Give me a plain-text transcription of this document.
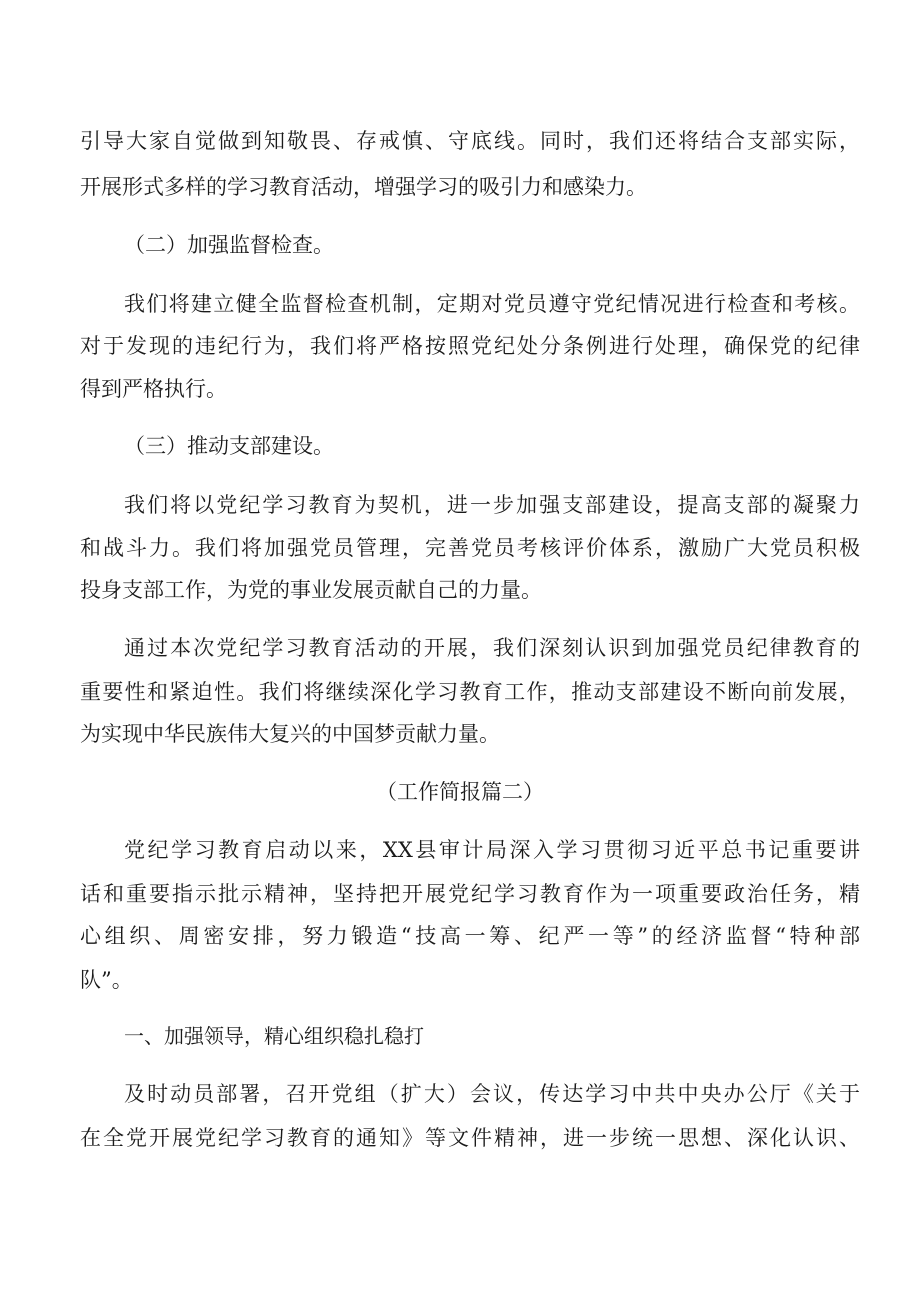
引导大家自觉做到知敬畏、存戒慎、守底线。同时，我们还将结合支部实际，
开展形式多样的学习教育活动，增强学习的吸引力和感染力。
（二）加强监督检查。
我们将建立健全监督检查机制，定期对党员遵守党纪情况进行检查和考核。
对于发现的违纪行为，我们将严格按照党纪处分条例进行处理，确保党的纪律
得到严格执行。
（三）推动支部建设。
我们将以党纪学习教育为契机，进一步加强支部建设，提高支部的凝聚力
和战斗力。我们将加强党员管理，完善党员考核评价体系，激励广大党员积极
投身支部工作，为党的事业发展贡献自己的力量。
通过本次党纪学习教育活动的开展，我们深刻认识到加强党员纪律教育的
重要性和紧迫性。我们将继续深化学习教育工作，推动支部建设不断向前发展，
为实现中华民族伟大复兴的中国梦贡献力量。
（工作简报篇二）
党纪学习教育启动以来，XX县审计局深入学习贯彻习近平总书记重要讲
话和重要指示批示精神，坚持把开展党纪学习教育作为一项重要政治任务，精
心组织、周密安排，努力锻造“技高一筹、纪严一等”的经济监督“特种部
队”。
一、加强领导，精心组织稳扎稳打
及时动员部署，召开党组（扩大）会议，传达学习中共中央办公厅《关于
在全党开展党纪学习教育的通知》等文件精神，进一步统一思想、深化认识、
